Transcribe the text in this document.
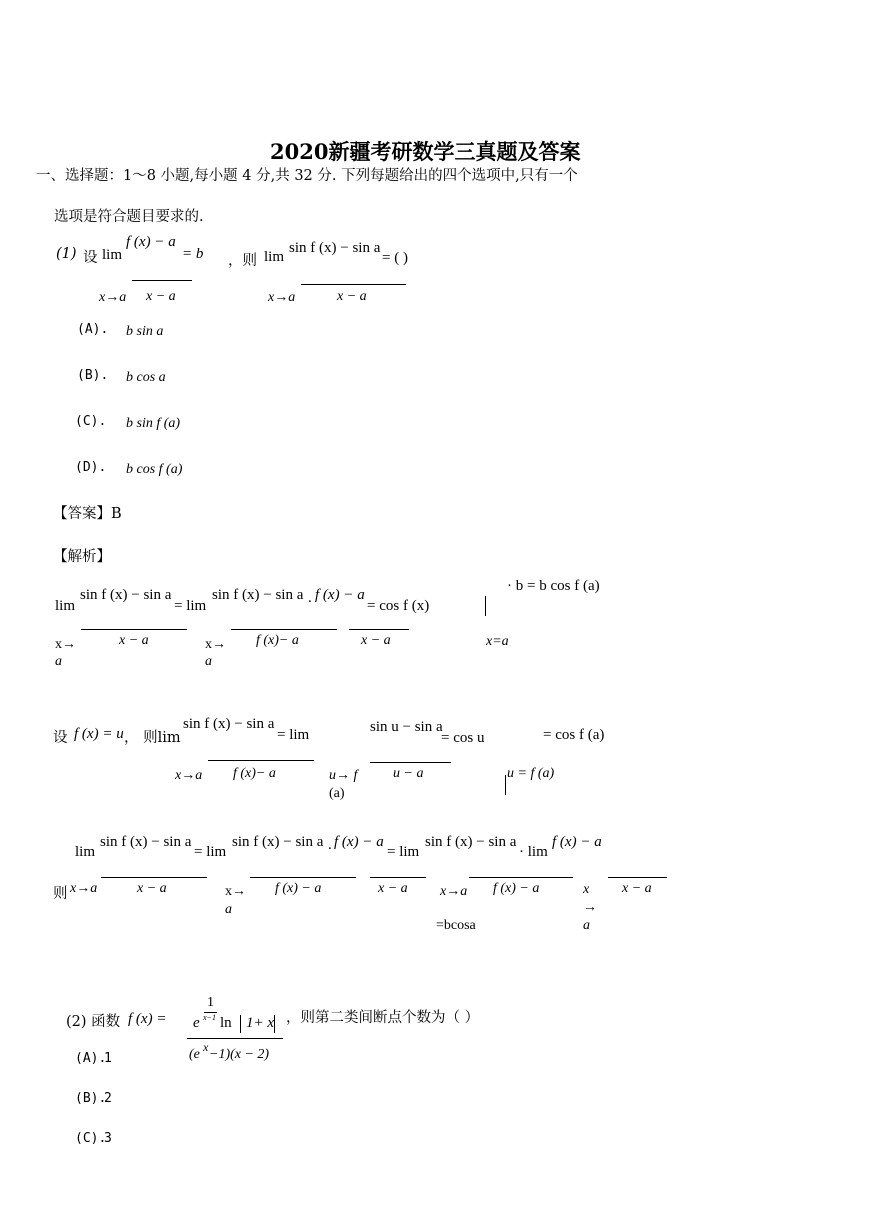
2020新疆考研数学三真题及答案
一、选择题：1～8 小题,每小题 4 分,共 32 分. 下列每题给出的四个选项中,只有一个
选项是符合题目要求的.
(1) 设 lim
f (x) − a
= b
x − a
x→a
，则 lim
sin f (x) − sin a
= ( )
x − a
x→a
(A). b sin a
(B). b cos a
(C). b sin f (a)
(D). b cos f (a)
【答案】B
【解析】
lim
sin f (x) − sin a
= lim
sin f (x) − sin a . f (x) − a
= cos f (x)
· b = b cos f (a)
x − a	f (x)− a	x − a
x→
a
x→
a
x=a
设 f (x) = u ， 则lim
sin f (x) − sin a
= lim	sin u − sin a
= cos u	= cos f (a)
x→a f (x)− a	u→ f
(a)
u − a	u = f (a)
lim
sin f (x) − sin a
= lim
sin f (x) − sin a . f (x) − a
= lim
sin f (x) − sin a
· lim
f (x) − a
则 x→a	x − a	x→
a
f (x) − a	x − a x→a f (x) − a	x
→
a
x − a
=bcosa
(2) 函数 f (x) =
1
e x−1 ln 1+ x
(e x −1)(x − 2)
，则第二类间断点个数为（ ）
(A).
1
(B).
2
(C).
3
